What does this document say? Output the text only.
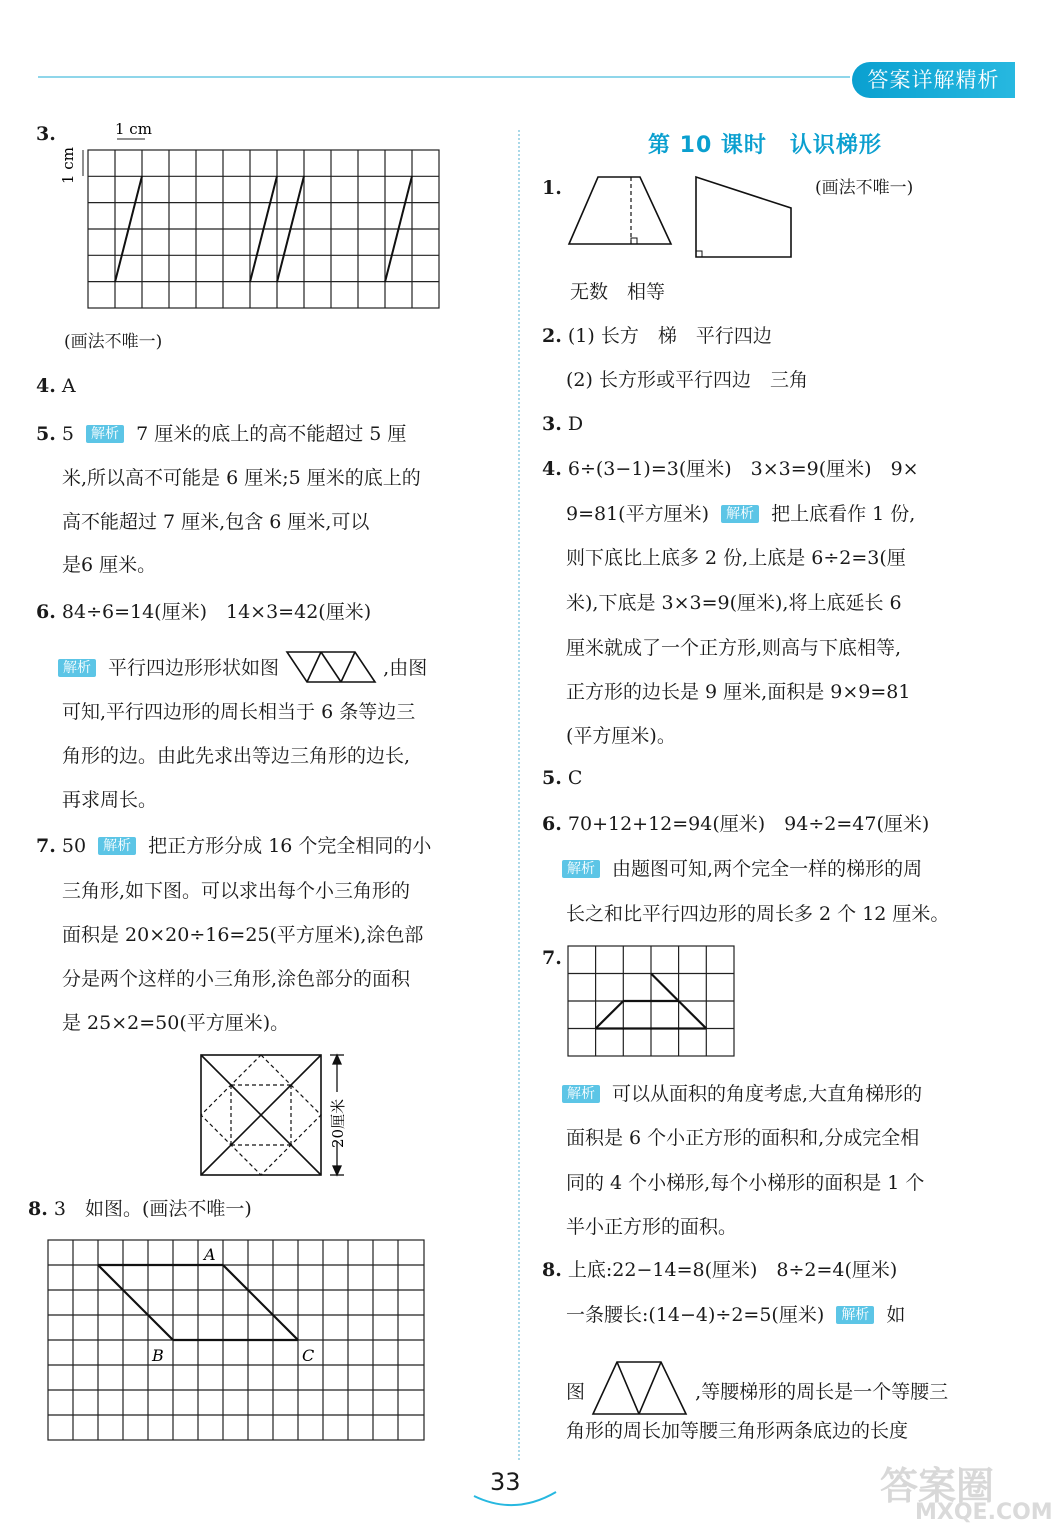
答案详解精析
3.	1 cm
1 cm
(画法不唯一)
4. A
5. 5 解析 7 厘米的底上的高不能超过 5 厘
米,所以高不可能是 6 厘米;5 厘米的底上的
高不能超过 7 厘米,包含 6 厘米,可以
是6 厘米。
6. 84÷6=14(厘米)　14×3=42(厘米)
解析 平行四边形形状如图	,由图
可知,平行四边形的周长相当于 6 条等边三
角形的边。由此先求出等边三角形的边长,
再求周长。
7. 50 解析 把正方形分成 16 个完全相同的小
三角形,如下图。可以求出每个小三角形的
面积是 20×20÷16=25(平方厘米),涂色部
分是两个这样的小三角形,涂色部分的面积
是 25×2=50(平方厘米)。
20厘米
8. 3　如图。(画法不唯一)
A
B	C
第 10 课时　认识梯形
1.	(画法不唯一)
无数　相等
2. (1) 长方　梯　平行四边
(2) 长方形或平行四边　三角
3. D
4. 6÷(3−1)=3(厘米)　3×3=9(厘米)　9×
9=81(平方厘米) 解析 把上底看作 1 份,
则下底比上底多 2 份,上底是 6÷2=3(厘
米),下底是 3×3=9(厘米),将上底延长 6
厘米就成了一个正方形,则高与下底相等,
正方形的边长是 9 厘米,面积是 9×9=81
(平方厘米)。
5. C
6. 70+12+12=94(厘米)　94÷2=47(厘米)
解析 由题图可知,两个完全一样的梯形的周
长之和比平行四边形的周长多 2 个 12 厘米。
7.
解析 可以从面积的角度考虑,大直角梯形的
面积是 6 个小正方形的面积和,分成完全相
同的 4 个小梯形,每个小梯形的面积是 1 个
半小正方形的面积。
8. 上底:22−14=8(厘米)　8÷2=4(厘米)
一条腰长:(14−4)÷2=5(厘米) 解析 如
图	,等腰梯形的周长是一个等腰三
角形的周长加等腰三角形两条底边的长度
33	答案圈
MXQE.COM
